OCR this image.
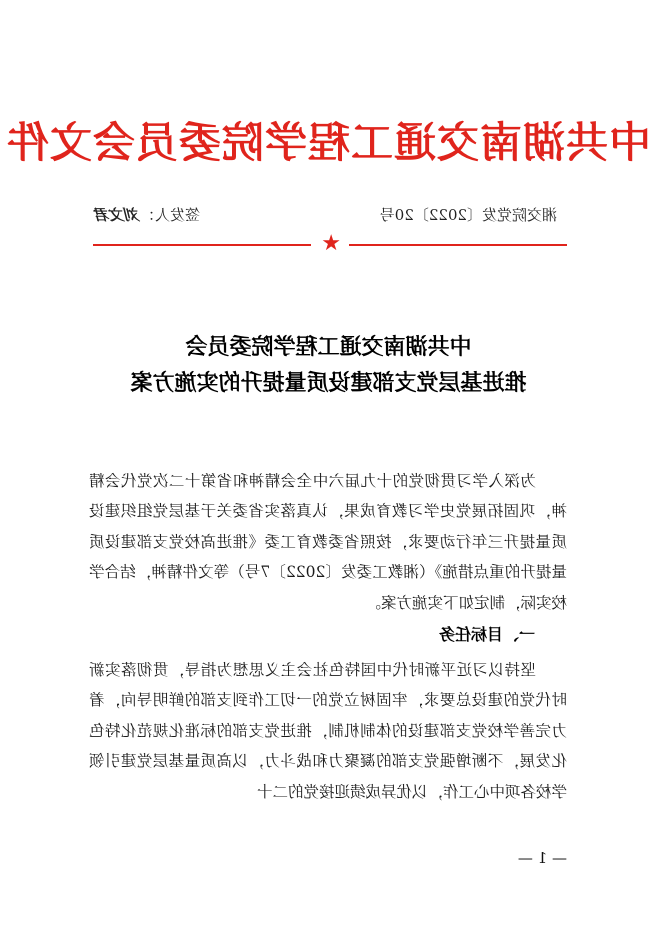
中共湖南交通工程学院委员会文件
湘交院党发〔2022〕20号
签发人：刘文君
★
中共湖南交通工程学院委员会
推进基层党支部建设质量提升的实施方案
为深入学习贯彻党的十九届六中全会精神和省第十二次党代会精神，巩固拓展党史学习教育成果，认真落实省委关于基层党组织建设质量提升三年行动要求，按照省委教育工委《推进高校党支部建设质量提升的重点措施》（湘教工委发〔2022〕7号）等文件精神，结合学校实际，制定如下实施方案。
一、目标任务
坚持以习近平新时代中国特色社会主义思想为指导，贯彻落实新时代党的建设总要求，牢固树立党的一切工作到支部的鲜明导向，着力完善学校党支部建设的体制机制，推进党支部的标准化规范化特色化发展，不断增强党支部的凝聚力和战斗力，以高质量基层党建引领学校各项中心工作，以优异成绩迎接党的二十
— 1 —
